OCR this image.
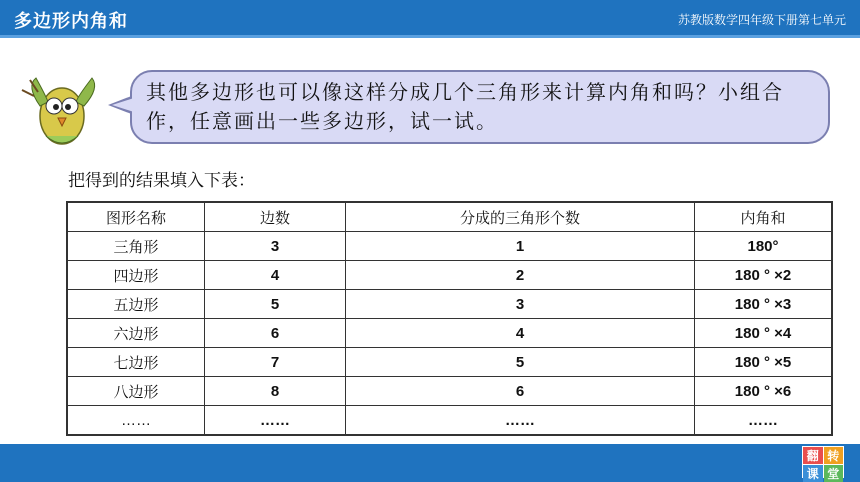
多边形内角和	苏教版数学四年级下册第七单元
其他多边形也可以像这样分成几个三角形来计算内角和吗？小组合作，任意画出一些多边形，试一试。
把得到的结果填入下表：
图形名称	边数	分成的三角形个数	内角和
三角形	3	1	180°
四边形	4	2	180 ° ×2
五边形	5	3	180 ° ×3
六边形	6	4	180 ° ×4
七边形	7	5	180 ° ×5
八边形	8	6	180 ° ×6
……	……	……	……
翻 转
课 堂
